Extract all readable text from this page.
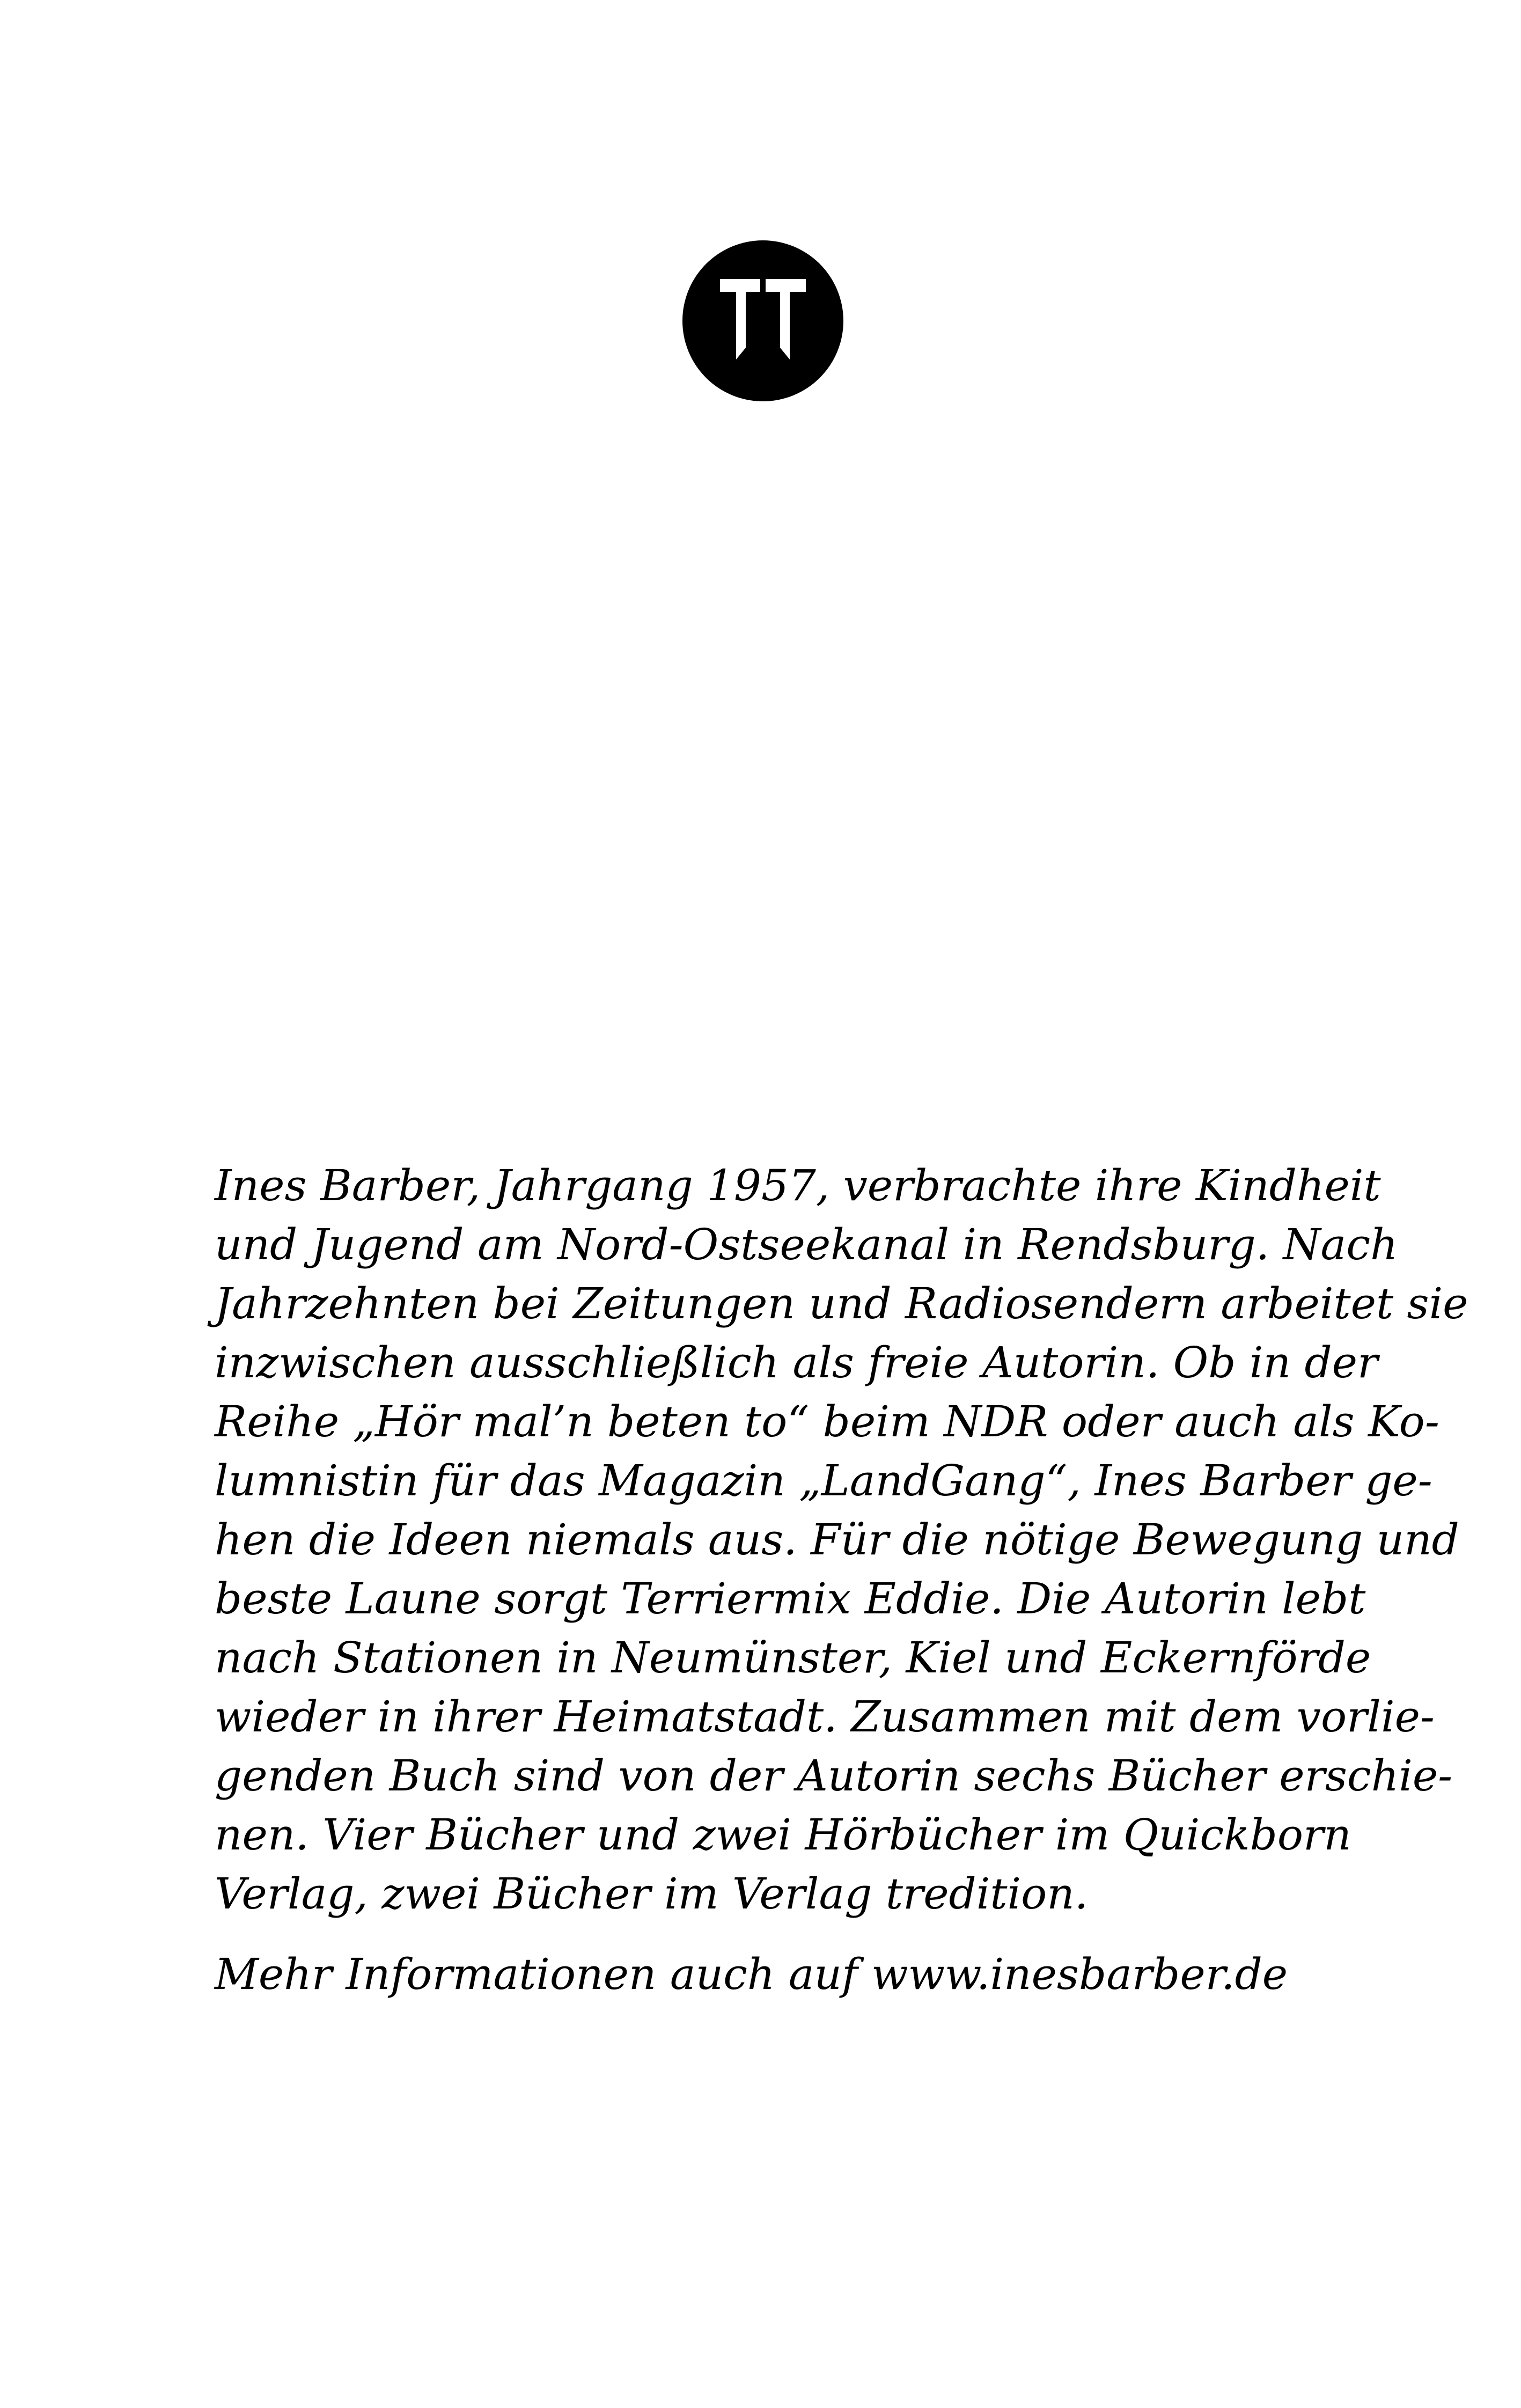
Ines Barber, Jahrgang 1957, verbrachte ihre Kindheit
und Jugend am Nord-Ostseekanal in Rendsburg. Nach
Jahrzehnten bei Zeitungen und Radiosendern arbeitet sie
inzwischen ausschließlich als freie Autorin. Ob in der
Reihe „Hör mal’n beten to“ beim NDR oder auch als Ko-
lumnistin für das Magazin „LandGang“, Ines Barber ge-
hen die Ideen niemals aus. Für die nötige Bewegung und
beste Laune sorgt Terriermix Eddie. Die Autorin lebt
nach Stationen in Neumünster, Kiel und Eckernförde
wieder in ihrer Heimatstadt. Zusammen mit dem vorlie-
genden Buch sind von der Autorin sechs Bücher erschie-
nen. Vier Bücher und zwei Hörbücher im Quickborn
Verlag, zwei Bücher im Verlag tredition.
Mehr Informationen auch auf www.inesbarber.de
